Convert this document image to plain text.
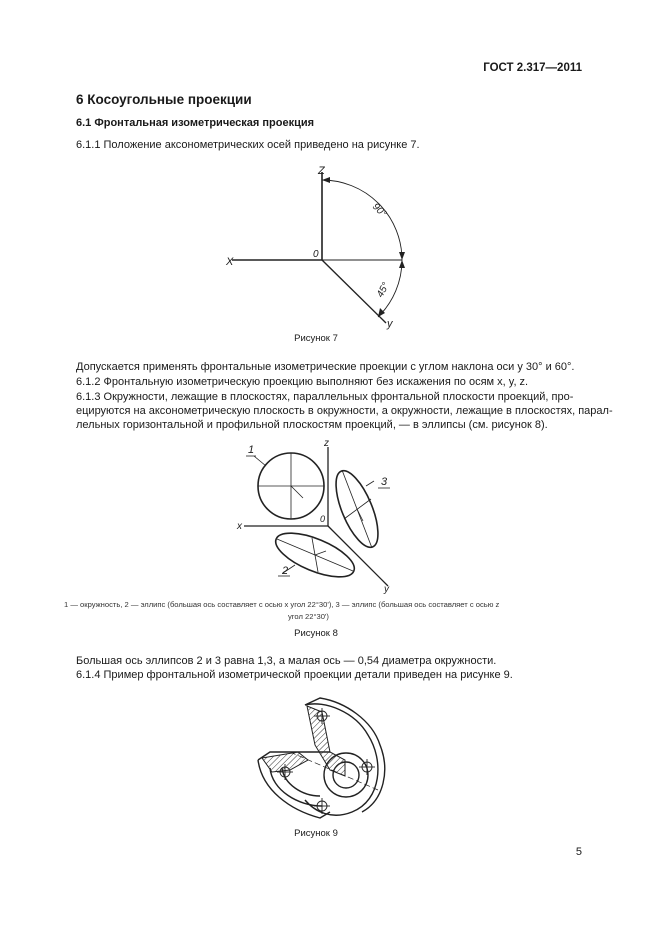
ГОСТ 2.317—2011
6 Косоугольные проекции
6.1 Фронтальная изометрическая проекция
6.1.1 Положение аксонометрических осей приведено на рисунке 7.
Z
X
y
0
90°
45°
Рисунок 7
Допускается применять фронтальные изометрические проекции с углом наклона оси y 30° и 60°.
6.1.2 Фронтальную изометрическую проекцию выполняют без искажения по осям x, y, z.
6.1.3 Окружности, лежащие в плоскостях, параллельных фронтальной плоскости проекций, про-
ецируются на аксонометрическую плоскость в окружности, а окружности, лежащие в плоскостях, парал-
лельных горизонтальной и профильной плоскостям проекций, — в эллипсы (см. рисунок 8).
1
3
2
x
z
y
0
1 — окружность, 2 — эллипс (большая ось составляет с осью x угол 22°30'), 3 — эллипс (большая ось составляет с осью z
угол 22°30')
Рисунок 8
Большая ось эллипсов 2 и 3 равна 1,3, а малая ось — 0,54 диаметра окружности.
6.1.4 Пример фронтальной изометрической проекции детали приведен на рисунке 9.
Рисунок 9
5
